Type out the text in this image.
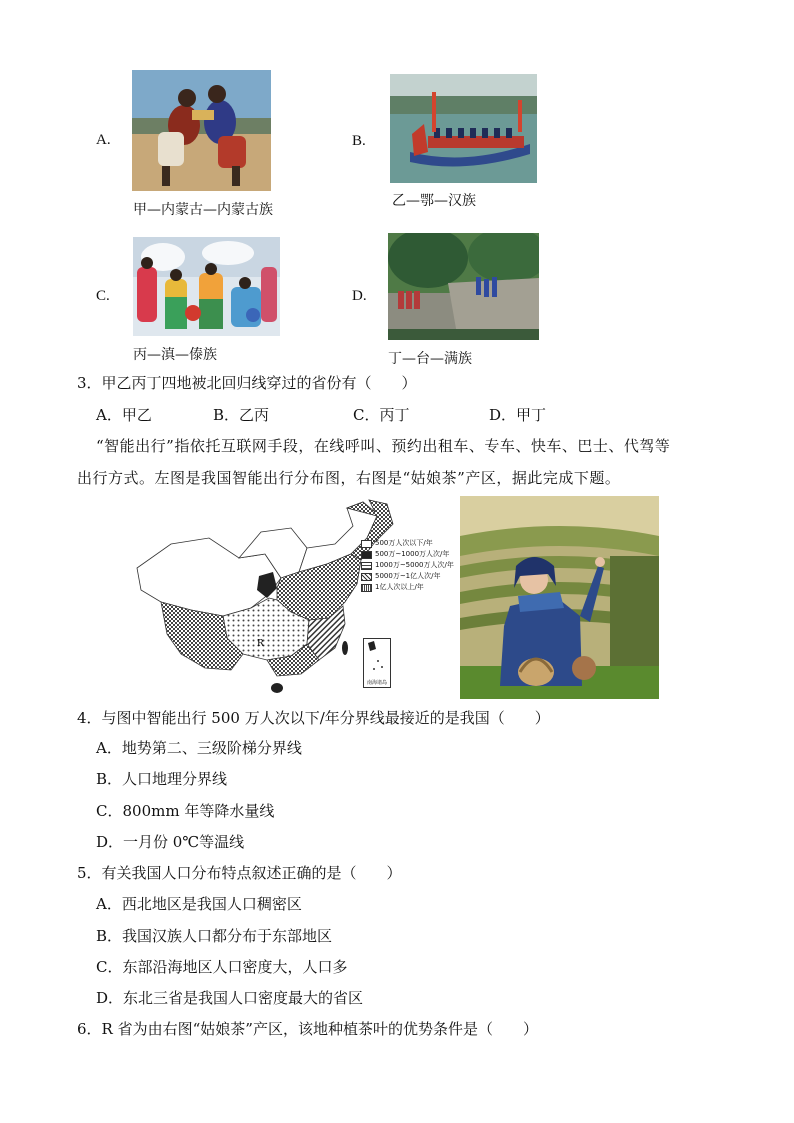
A.
甲—内蒙古—内蒙古族
B.
乙—鄂—汉族
C.
丙—滇—傣族
D.
丁—台—满族
3．甲乙丙丁四地被北回归线穿过的省份有（　　）
A．甲乙	B．乙丙	C．丙丁	D．甲丁
“智能出行”指依托互联网手段，在线呼叫、预约出租车、专车、快车、巴士、代驾等
出行方式。左图是我国智能出行分布图，右图是“姑娘茶”产区，据此完成下题。
R
500万人次以下/年
500万~1000万人次/年
1000万~5000万人次/年
5000万~1亿人次/年
1亿人次以上/年
南海诸岛
4．与图中智能出行 500 万人次以下/年分界线最接近的是我国（　　）
A．地势第二、三级阶梯分界线
B．人口地理分界线
C．800mm 年等降水量线
D．一月份 0℃等温线
5．有关我国人口分布特点叙述正确的是（　　）
A．西北地区是我国人口稠密区
B．我国汉族人口都分布于东部地区
C．东部沿海地区人口密度大，人口多
D．东北三省是我国人口密度最大的省区
6．R 省为由右图“姑娘茶”产区，该地种植茶叶的优势条件是（　　）
